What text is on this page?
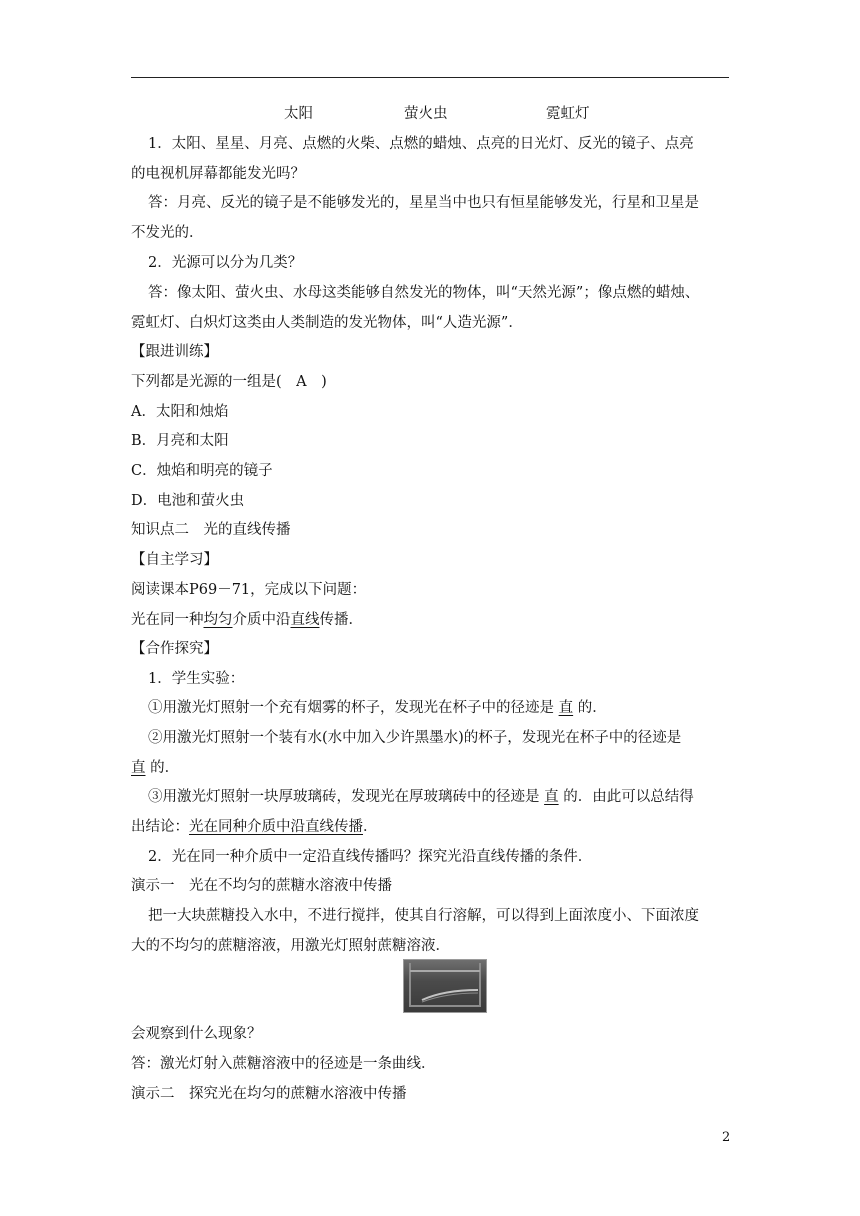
太阳	萤火虫	霓虹灯
1．太阳、星星、月亮、点燃的火柴、点燃的蜡烛、点亮的日光灯、反光的镜子、点亮
的电视机屏幕都能发光吗？
答：月亮、反光的镜子是不能够发光的，星星当中也只有恒星能够发光，行星和卫星是
不发光的．
2．光源可以分为几类？
答：像太阳、萤火虫、水母这类能够自然发光的物体，叫“天然光源”；像点燃的蜡烛、
霓虹灯、白炽灯这类由人类制造的发光物体，叫“人造光源”．
【跟进训练】
下列都是光源的一组是(　A　)
A．太阳和烛焰
B．月亮和太阳
C．烛焰和明亮的镜子
D．电池和萤火虫
知识点二　光的直线传播
【自主学习】
阅读课本P69－71，完成以下问题：
光在同一种均匀介质中沿直线传播．
【合作探究】
1．学生实验：
①用激光灯照射一个充有烟雾的杯子，发现光在杯子中的径迹是 直 的．
②用激光灯照射一个装有水(水中加入少许黑墨水)的杯子，发现光在杯子中的径迹是
直 的．
③用激光灯照射一块厚玻璃砖，发现光在厚玻璃砖中的径迹是 直 的．由此可以总结得
出结论：光在同种介质中沿直线传播．
2．光在同一种介质中一定沿直线传播吗？探究光沿直线传播的条件．
演示一　光在不均匀的蔗糖水溶液中传播
把一大块蔗糖投入水中，不进行搅拌，使其自行溶解，可以得到上面浓度小、下面浓度
大的不均匀的蔗糖溶液，用激光灯照射蔗糖溶液．
会观察到什么现象？
答：激光灯射入蔗糖溶液中的径迹是一条曲线．
演示二　探究光在均匀的蔗糖水溶液中传播
2
